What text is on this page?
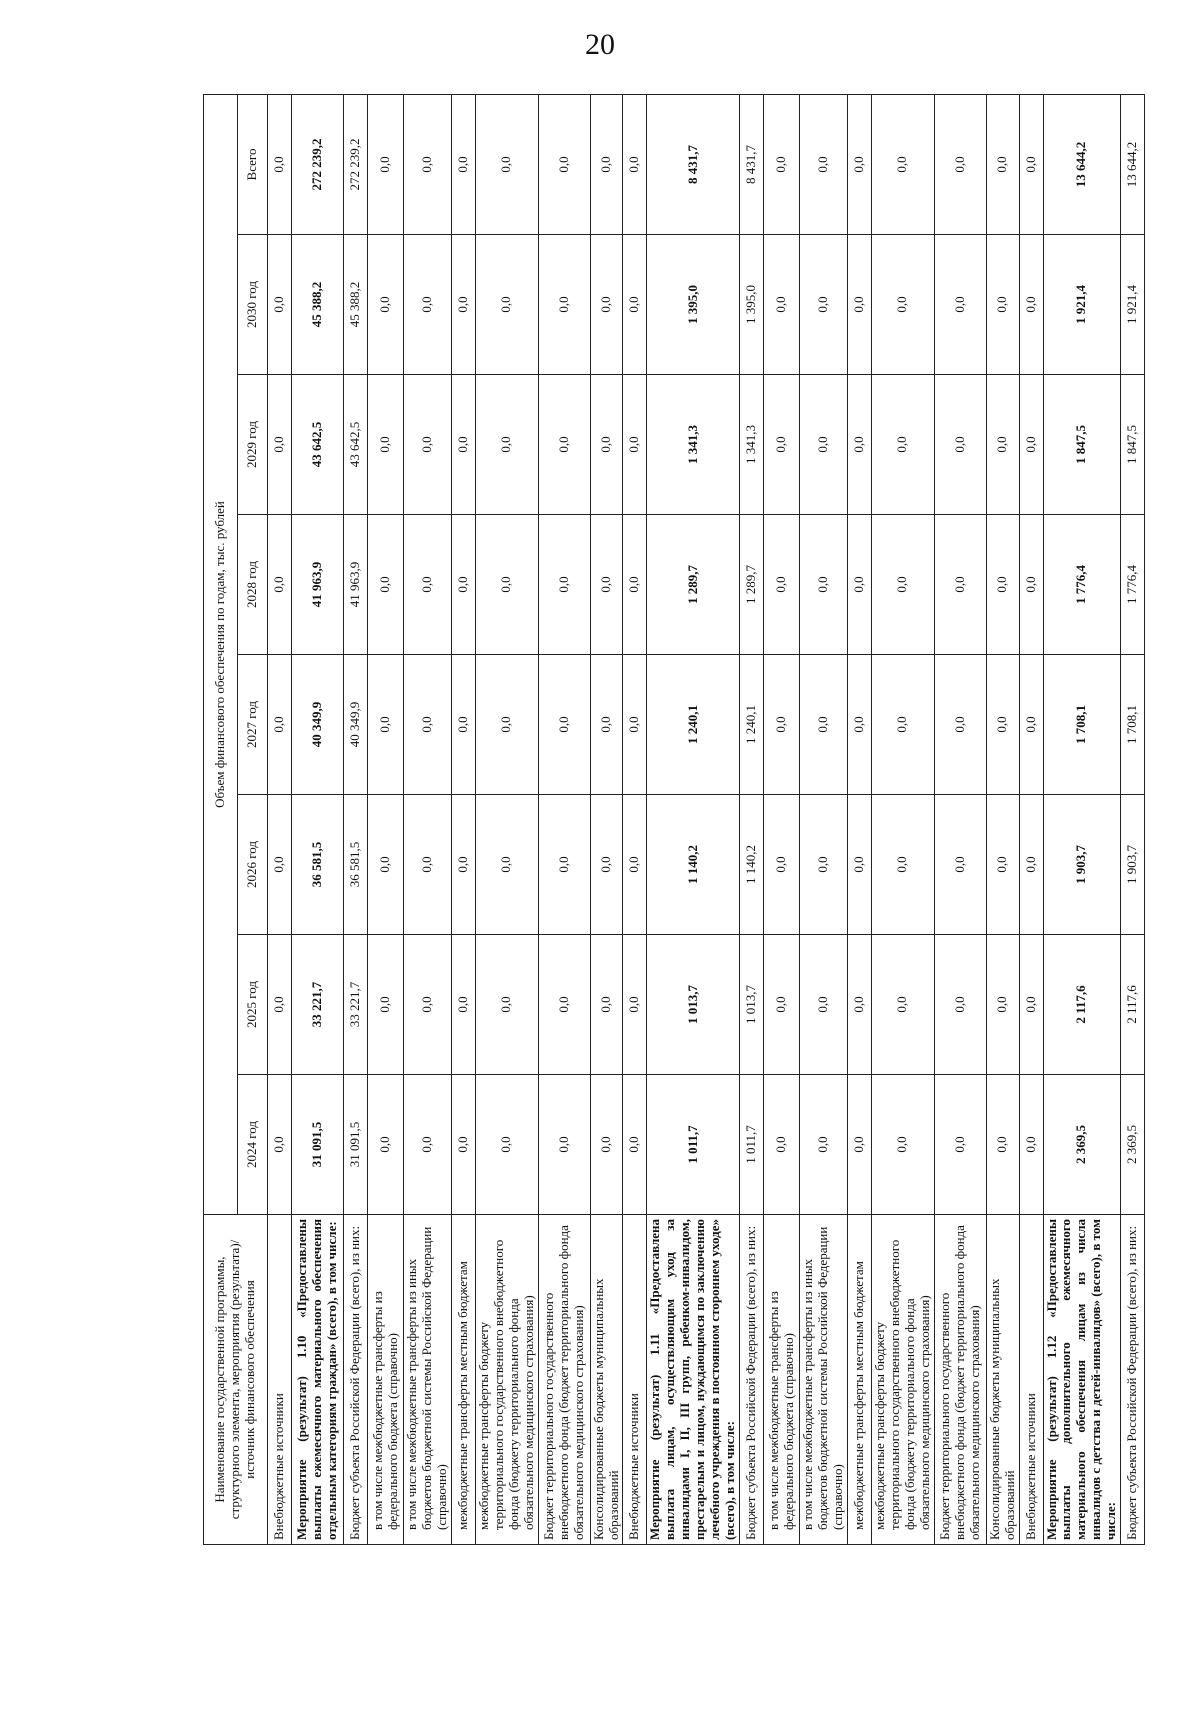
20
Наименование государственной программы, структурного элемента, мероприятия (результата)/источник финансового обеспечения	Объем финансового обеспечения по годам, тыс. рублей							
	2024 год	2025 год	2026 год	2027 год	2028 год	2029 год	2030 год	Всего
Внебюджетные источники	0,0	0,0	0,0	0,0	0,0	0,0	0,0	0,0
Мероприятие (результат) 1.10 «Предоставлены выплаты ежемесячного материального обеспечения отдельным категориям граждан» (всего), в том числе:	31 091,5	33 221,7	36 581,5	40 349,9	41 963,9	43 642,5	45 388,2	272 239,2
Бюджет субъекта Российской Федерации (всего), из них:	31 091,5	33 221,7	36 581,5	40 349,9	41 963,9	43 642,5	45 388,2	272 239,2
в том числе межбюджетные трансферты из федерального бюджета (справочно)	0,0	0,0	0,0	0,0	0,0	0,0	0,0	0,0
в том числе межбюджетные трансферты из иных бюджетов бюджетной системы Российской Федерации (справочно)	0,0	0,0	0,0	0,0	0,0	0,0	0,0	0,0
межбюджетные трансферты местным бюджетам	0,0	0,0	0,0	0,0	0,0	0,0	0,0	0,0
межбюджетные трансферты бюджету территориального государственного внебюджетного фонда (бюджету территориального фонда обязательного медицинского страхования)	0,0	0,0	0,0	0,0	0,0	0,0	0,0	0,0
Бюджет территориального государственного внебюджетного фонда (бюджет территориального фонда обязательного медицинского страхования)	0,0	0,0	0,0	0,0	0,0	0,0	0,0	0,0
Консолидированные бюджеты муниципальных образований	0,0	0,0	0,0	0,0	0,0	0,0	0,0	0,0
Внебюджетные источники	0,0	0,0	0,0	0,0	0,0	0,0	0,0	0,0
Мероприятие (результат) 1.11 «Предоставлена выплата лицам, осуществляющим уход за инвалидами I, II, III групп, ребенком-инвалидом, престарелым и лицом, нуждающимся по заключению лечебного учреждения в постоянном стороннем уходе» (всего), в том числе:	1 011,7	1 013,7	1 140,2	1 240,1	1 289,7	1 341,3	1 395,0	8 431,7
Бюджет субъекта Российской Федерации (всего), из них:	1 011,7	1 013,7	1 140,2	1 240,1	1 289,7	1 341,3	1 395,0	8 431,7
в том числе межбюджетные трансферты из федерального бюджета (справочно)	0,0	0,0	0,0	0,0	0,0	0,0	0,0	0,0
в том числе межбюджетные трансферты из иных бюджетов бюджетной системы Российской Федерации (справочно)	0,0	0,0	0,0	0,0	0,0	0,0	0,0	0,0
межбюджетные трансферты местным бюджетам	0,0	0,0	0,0	0,0	0,0	0,0	0,0	0,0
межбюджетные трансферты бюджету территориального государственного внебюджетного фонда (бюджету территориального фонда обязательного медицинского страхования)	0,0	0,0	0,0	0,0	0,0	0,0	0,0	0,0
Бюджет территориального государственного внебюджетного фонда (бюджет территориального фонда обязательного медицинского страхования)	0,0	0,0	0,0	0,0	0,0	0,0	0,0	0,0
Консолидированные бюджеты муниципальных образований	0,0	0,0	0,0	0,0	0,0	0,0	0,0	0,0
Внебюджетные источники	0,0	0,0	0,0	0,0	0,0	0,0	0,0	0,0
Мероприятие (результат) 1.12 «Предоставлены выплаты дополнительного ежемесячного материального обеспечения лицам из числа инвалидов с детства и детей-инвалидов» (всего), в том числе:	2 369,5	2 117,6	1 903,7	1 708,1	1 776,4	1 847,5	1 921,4	13 644,2
Бюджет субъекта Российской Федерации (всего), из них:	2 369,5	2 117,6	1 903,7	1 708,1	1 776,4	1 847,5	1 921,4	13 644,2
